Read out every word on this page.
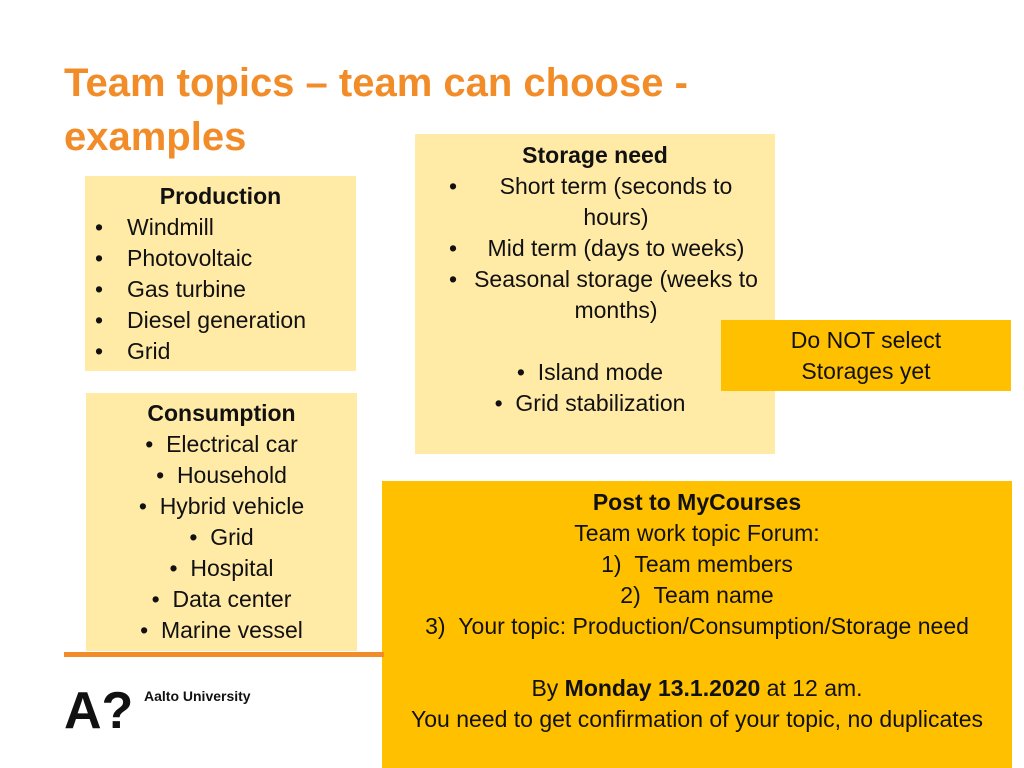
Team topics – team can choose - examples
Production
• Windmill
• Photovoltaic
• Gas turbine
• Diesel generation
• Grid
Consumption
•  Electrical car
•  Household
•  Hybrid vehicle
•  Grid
•  Hospital
•  Data center
•  Marine vessel
Storage need
• Short term (seconds to hours)
• Mid term (days to weeks)
• Seasonal storage (weeks to months)
•  Island mode
•  Grid stabilization
Do NOT select
Storages yet
Post to MyCourses
Team work topic Forum:
1)  Team members
2)  Team name
3)  Your topic: Production/Consumption/Storage need
By Monday 13.1.2020 at 12 am.
You need to get confirmation of your topic, no duplicates
A? Aalto University
